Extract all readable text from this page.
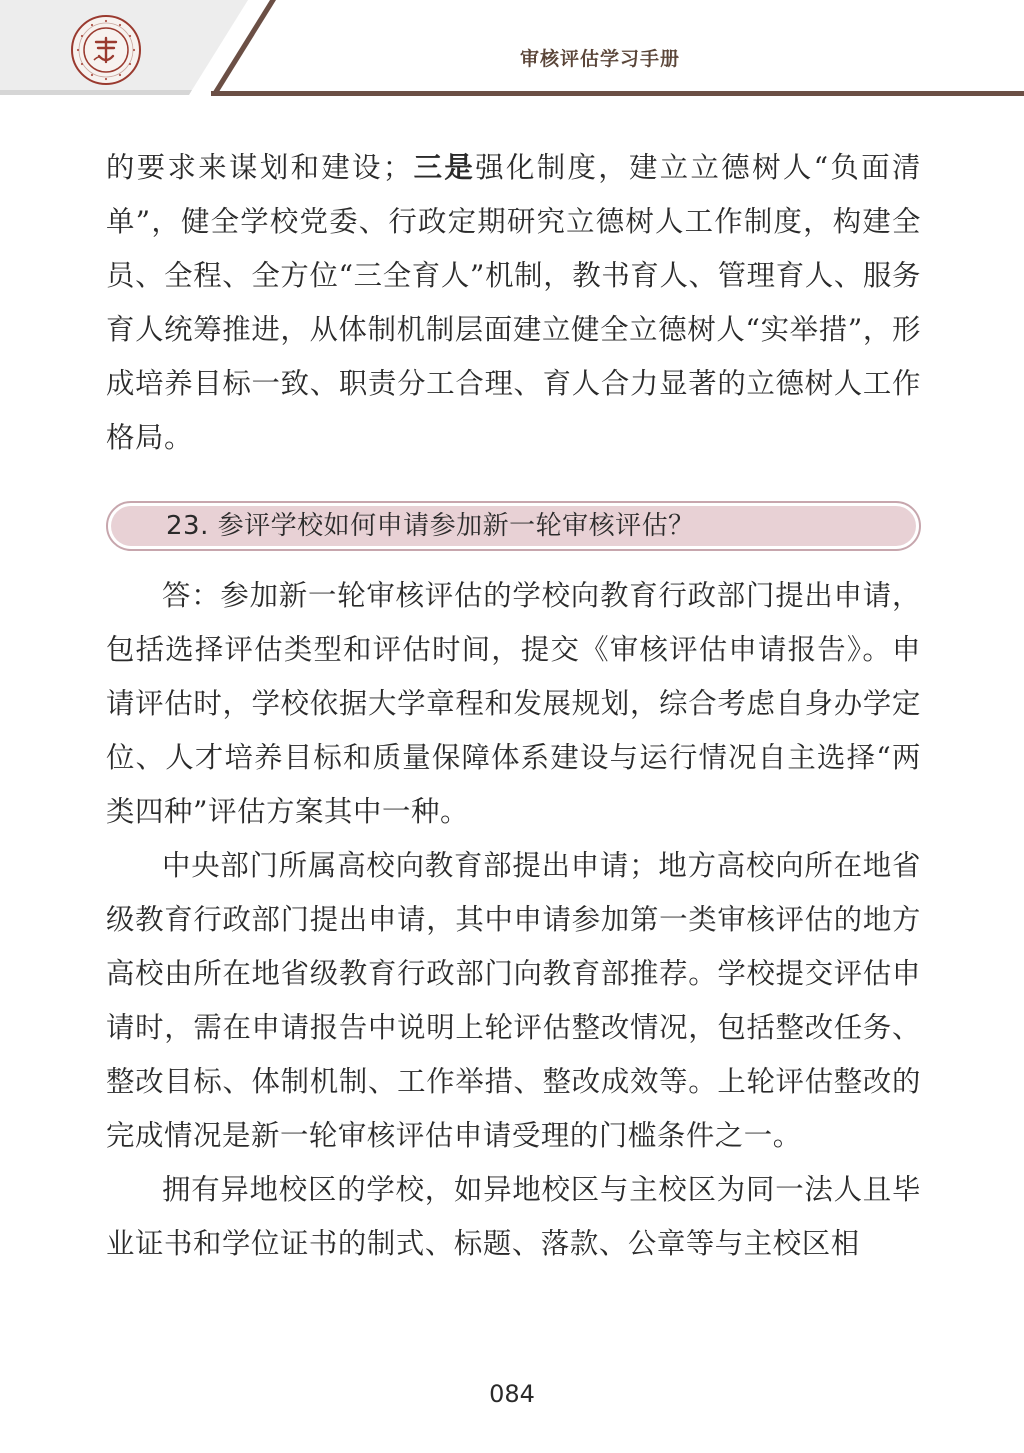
审核评估学习手册

的要求来谋划和建设；三是强化制度，建立立德树人“负面清单”，健全学校党委、行政定期研究立德树人工作制度，构建全员、全程、全方位“三全育人”机制，教书育人、管理育人、服务育人统筹推进，从体制机制层面建立健全立德树人“实举措”，形成培养目标一致、职责分工合理、育人合力显著的立德树人工作格局。

23. 参评学校如何申请参加新一轮审核评估？

答：参加新一轮审核评估的学校向教育行政部门提出申请，包括选择评估类型和评估时间，提交《审核评估申请报告》。申请评估时，学校依据大学章程和发展规划，综合考虑自身办学定位、人才培养目标和质量保障体系建设与运行情况自主选择“两类四种”评估方案其中一种。

中央部门所属高校向教育部提出申请；地方高校向所在地省级教育行政部门提出申请，其中申请参加第一类审核评估的地方高校由所在地省级教育行政部门向教育部推荐。学校提交评估申请时，需在申请报告中说明上轮评估整改情况，包括整改任务、整改目标、体制机制、工作举措、整改成效等。上轮评估整改的完成情况是新一轮审核评估申请受理的门槛条件之一。

拥有异地校区的学校，如异地校区与主校区为同一法人且毕业证书和学位证书的制式、标题、落款、公章等与主校区相

084
